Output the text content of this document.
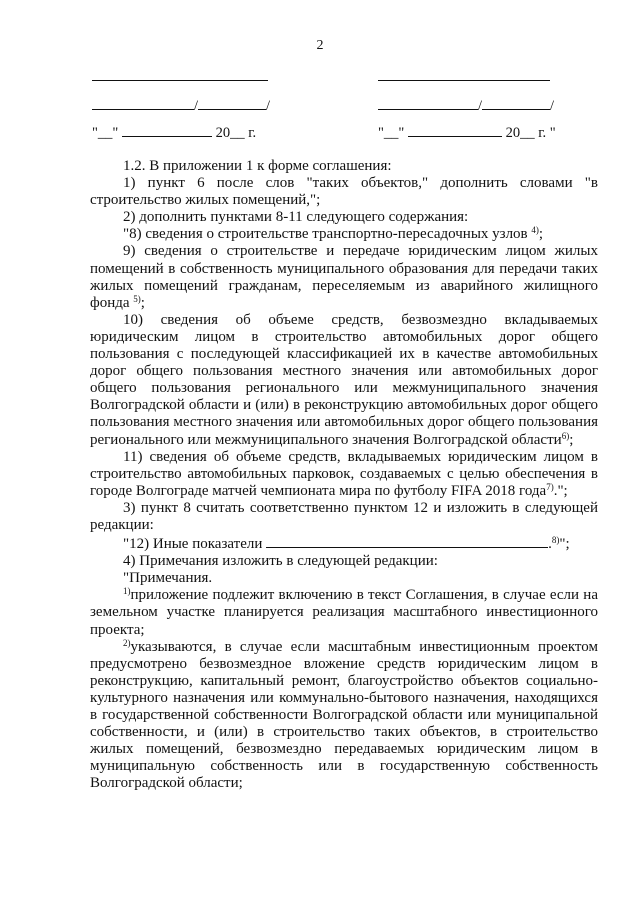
2
/	/
"__"	20__ г.
/	/
"__"	20__ г. "

1.2. В приложении 1 к форме соглашения:

1) пункт 6 после слов "таких объектов," дополнить словами "в строительство жилых помещений,";

2) дополнить пунктами 8-11 следующего содержания:

"8) сведения о строительстве транспортно-пересадочных узлов $^{4)}$;

9) сведения о строительстве и передаче юридическим лицом жилых помещений в собственность муниципального образования для передачи таких жилых помещений гражданам, переселяемым из аварийного жилищного фонда $^{5)}$;

10) сведения об объеме средств, безвозмездно вкладываемых юридическим лицом в строительство автомобильных дорог общего пользования с последующей классификацией их в качестве автомобильных дорог общего пользования местного значения или автомобильных дорог общего пользования регионального или межмуниципального значения Волгоградской области и (или) в реконструкцию автомобильных дорог общего пользования местного значения или автомобильных дорог общего пользования регионального или межмуниципального значения Волгоградской области$^{6)}$;

11) сведения об объеме средств, вкладываемых юридическим лицом в строительство автомобильных парковок, создаваемых с целью обеспечения в городе Волгограде матчей чемпионата мира по футболу FIFA 2018 года$^{7)}$.";

3) пункт 8 считать соответственно пунктом 12 и изложить в следующей редакции:

"12) Иные показатели	.$^{8)}$";

4) Примечания изложить в следующей редакции:

"Примечания.

$^{1)}$приложение подлежит включению в текст Соглашения, в случае если на земельном участке планируется реализация масштабного инвестиционного проекта;

$^{2)}$указываются, в случае если масштабным инвестиционным проектом предусмотрено безвозмездное вложение средств юридическим лицом в реконструкцию, капитальный ремонт, благоустройство объектов социально-культурного назначения или коммунально-бытового назначения, находящихся в государственной собственности Волгоградской области или муниципальной собственности, и (или) в строительство таких объектов, в строительство жилых помещений, безвозмездно передаваемых юридическим лицом в муниципальную собственность или в государственную собственность Волгоградской области;
